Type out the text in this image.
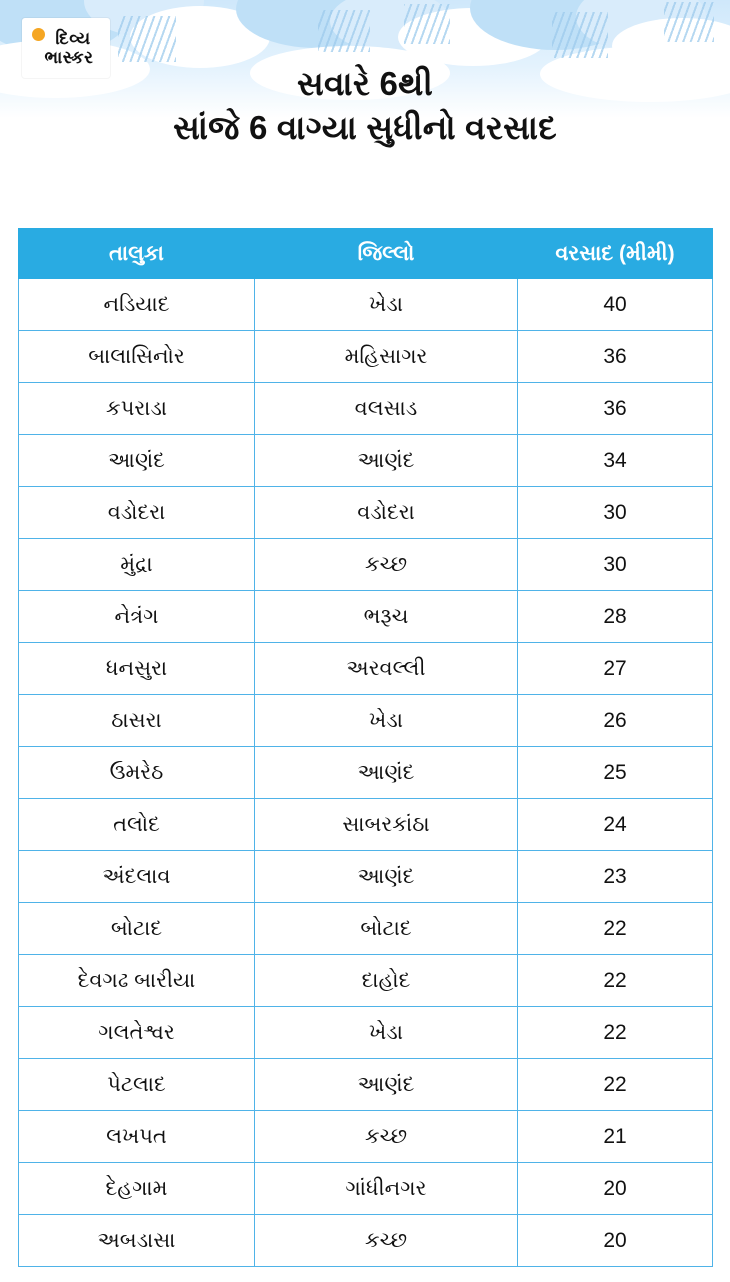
દિવ્ય
ભાસ્કર
સવારે 6થી
સાંજે 6 વાગ્યા સુધીનો વરસાદ
તાલુકા	જિલ્લો	વરસાદ (મીમી)
નડિયાદ	ખેડા	40
બાલાસિનોર	મહિસાગર	36
કપરાડા	વલસાડ	36
આણંદ	આણંદ	34
વડોદરા	વડોદરા	30
મુંદ્રા	કચ્છ	30
નેત્રંગ	ભરૂચ	28
ધનસુરા	અરવલ્લી	27
ઠાસરા	ખેડા	26
ઉમરેઠ	આણંદ	25
તલોદ	સાબરકાંઠા	24
અંદલાવ	આણંદ	23
બોટાદ	બોટાદ	22
દેવગઢ બારીયા	દાહોદ	22
ગલતેશ્વર	ખેડા	22
પેટલાદ	આણંદ	22
લખપત	કચ્છ	21
દેહગામ	ગાંધીનગર	20
અબડાસા	કચ્છ	20
